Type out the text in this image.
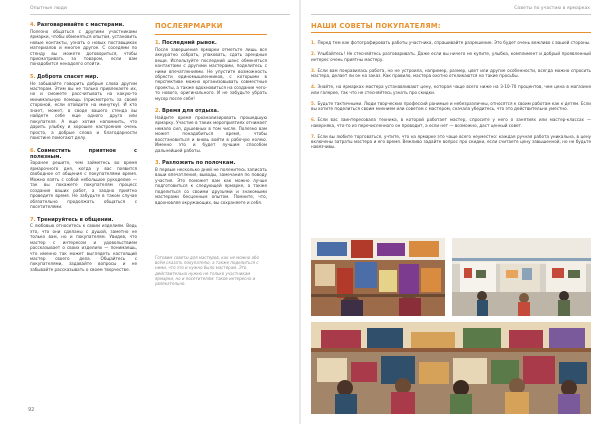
Опытные люди
4. Разговаривайте с мастерами.
Полезно общаться с другими участниками ярмарки, чтобы обменяться опытом, установить новые контакты, узнать о новых поставщиках материалов и многое другое. С соседями по стенду вы можете договориться, чтобы присматривать за товаром, если вам понадобится ненадолго отойти.
5. Доброта спасет мир.
Не забывайте говорить добрые слова другим мастерам. Этим вы не только привлекаете их, но и сможете рассчитывать на какую-то минимальную помощь (присмотреть за своей стороной, если отойдете на минутку). И кто знает, может, в своде вашего стенда вы найдете себе еще одного друга или покупателя. А еще хотим напомнить, что дарить улыбку и хорошее настроение очень просто, а добрые слова и благодарности поистине помогают делу.
6. Совместить приятное с полезным.
Заранее решите, чем займетесь во время ярмарочного дня, когда у вас появится свободное от общения с покупателями время. Можно взять с собой небольшое рукоделие — так вы покажете покупателям процесс создания ваших работ, а заодно приятно проведете время. Не забудьте в таком случае обязательно продолжать общаться с посетителями.
7. Тренируйтесь в общении.
С любовью относитесь к своим изделиям. Ведь это, что они сделаны с душой, заметно не только вам, но и покупателям. Увидев, что мастер с интересом и удовольствием рассказывает о своих изделиях — понимаешь, что именно так может выглядеть настоящий мастер своего дела. Общайтесь с покупателями, задавайте вопросы и не забывайте рассказывать о своем творчестве.
ПОСЛЕЯРМАРКИ
1. Последний рывок.
После завершения ярмарки отметьте лишь все аккуратно собрать, упаковать, сдать арендные вещи. Используйте последний шанс обменяться контактами с другими мастерами, поделитесь с ними впечатлениями. Не упустите возможность обрести единомышленников, с которыми в перспективе можно организовывать совместные проекты, а также вдохновиться на создание чего-то нового, оригинального. И не забудьте убрать мусор после себя!
2. Время для отдыха.
Найдите время проанализировать прошедшую ярмарку. Участие в таких мероприятиях отнимает немало сил, душевных в том числе. Полезно вам может понадобиться время, чтобы восстановиться и вновь войти в рабочую колею. Именно это и будет лучшим способом дальнейшей работы.
3. Разложить по полочкам.
В первые несколько дней не поленитесь записать ваши впечатления, выводы, замечания по поводу участия. Это поможет вам как можно лучше подготовиться к следующей ярмарке, а также поделиться со своими друзьями и знакомыми мастерами бесценным опытом. Помните, что, вдохновляя окружающих, вы сохраняете и себя.
Готовим советы для мастеров, как не можно обо всём сказать покупателю, а также поделиться с ними, что это и нужно было мастерам. Это действительно нужно не только участникам ярмарки, но и посетителям: такое интересно и увлекательно.
92
Советы по участию в ярмарках
НАШИ СОВЕТЫ ПОКУПАТЕЛЯМ:
1. Перед тем как фотографировать работы участника, спрашивайте разрешение. Это будет очень вежливо с вашей стороны.
2. Улыбайтесь! Не стесняйтесь разговаривать. Даже если вы ничего не купите, улыбка, комплимент и добрый проявленный интерес очень приятны мастеру.
3. Если вам понравилась работа, но не устроила, например, размер, цвет или другие особенности, всегда можно спросить мастера, делает ли он на заказ. Как правило, мастера охотно откликаются на такие просьбы.
4. Знайте, на ярмарках мастера устанавливают цену, которая чаще всего ниже на 3-10-70 процентов, чем цена в магазине или галерее, так что не стесняйтесь узнать про скидки.
5. Будьте тактичными. Люди творческих профессий ранимые и небезразличны, относятся к своим работам как к детям. Если вы хотите поделиться своим мнением или советом с мастером, сначала убедитесь, что это действительно уместно.
6. Если вас заинтересовала техника, в которой работает мастер, спросите у него о занятиях или мастер-классах — наверняка, что-то из перечисленного он проводит, а если нет — возможно, даст ценный совет.
7. Если вы любите торговаться, учтите, что на ярмарке это чаще всего неуместно: каждая ручная работа уникальна, в цену включены затраты мастера и его время. Вежливо задайте вопрос про скидки, если считаете цену завышенной, но не будьте навязчивы.
